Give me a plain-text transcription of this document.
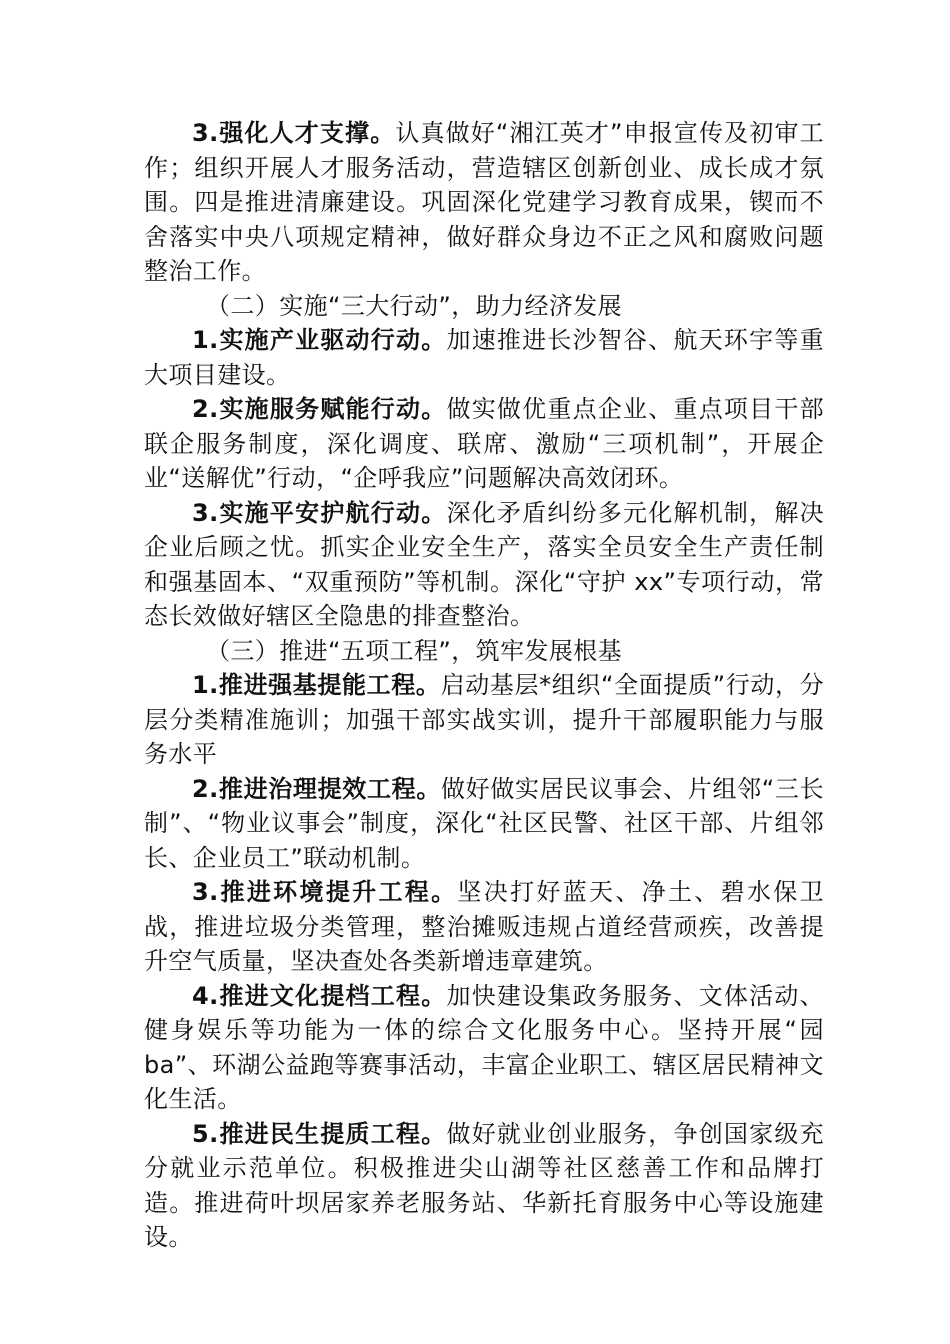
3.强化人才支撑。认真做好“湘江英才”申报宣传及初审工作；组织开展人才服务活动，营造辖区创新创业、成长成才氛围。四是推进清廉建设。巩固深化党建学习教育成果，锲而不舍落实中央八项规定精神，做好群众身边不正之风和腐败问题整治工作。

（二）实施“三大行动”，助力经济发展

1.实施产业驱动行动。加速推进长沙智谷、航天环宇等重大项目建设。

2.实施服务赋能行动。做实做优重点企业、重点项目干部联企服务制度，深化调度、联席、激励“三项机制”，开展企业“送解优”行动，“企呼我应”问题解决高效闭环。

3.实施平安护航行动。深化矛盾纠纷多元化解机制，解决企业后顾之忧。抓实企业安全生产，落实全员安全生产责任制和强基固本、“双重预防”等机制。深化“守护 xx”专项行动，常态长效做好辖区全隐患的排查整治。

（三）推进“五项工程”，筑牢发展根基

1.推进强基提能工程。启动基层*组织“全面提质”行动，分层分类精准施训；加强干部实战实训，提升干部履职能力与服务水平

2.推进治理提效工程。做好做实居民议事会、片组邻“三长制”、“物业议事会”制度，深化“社区民警、社区干部、片组邻长、企业员工”联动机制。

3.推进环境提升工程。坚决打好蓝天、净土、碧水保卫战，推进垃圾分类管理，整治摊贩违规占道经营顽疾，改善提升空气质量，坚决查处各类新增违章建筑。

4.推进文化提档工程。加快建设集政务服务、文体活动、健身娱乐等功能为一体的综合文化服务中心。坚持开展“园 ba”、环湖公益跑等赛事活动，丰富企业职工、辖区居民精神文化生活。

5.推进民生提质工程。做好就业创业服务，争创国家级充分就业示范单位。积极推进尖山湖等社区慈善工作和品牌打造。推进荷叶坝居家养老服务站、华新托育服务中心等设施建设。
